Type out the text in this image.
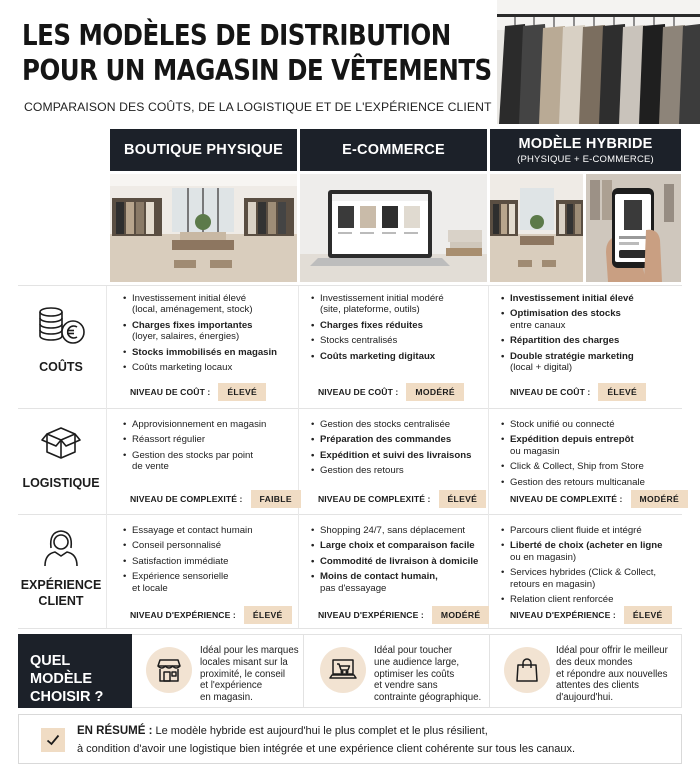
LES MODÈLES DE DISTRIBUTION
POUR UN MAGASIN DE VÊTEMENTS
COMPARAISON DES COÛTS, DE LA LOGISTIQUE ET DE L'EXPÉRIENCE CLIENT
BOUTIQUE PHYSIQUE	E-COMMERCE	MODÈLE HYBRIDE
(PHYSIQUE + E-COMMERCE)
COÛTS
• Investissement initial élevé
(local, aménagement, stock)
• Charges fixes importantes
(loyer, salaires, énergies)
• Stocks immobilisés en magasin
• Coûts marketing locaux
NIVEAU DE COÛT :	ÉLEVÉ
• Investissement initial modéré
(site, plateforme, outils)
• Charges fixes réduites
• Stocks centralisés
• Coûts marketing digitaux
NIVEAU DE COÛT :	MODÉRÉ
• Investissement initial élevé
• Optimisation des stocks
entre canaux
• Répartition des charges
• Double stratégie marketing
(local + digital)
NIVEAU DE COÛT :	ÉLEVÉ
LOGISTIQUE
• Approvisionnement en magasin
• Réassort régulier
• Gestion des stocks par point
de vente
NIVEAU DE COMPLEXITÉ :	FAIBLE
• Gestion des stocks centralisée
• Préparation des commandes
• Expédition et suivi des livraisons
• Gestion des retours
NIVEAU DE COMPLEXITÉ :	ÉLEVÉ
• Stock unifié ou connecté
• Expédition depuis entrepôt
ou magasin
• Click & Collect, Ship from Store
• Gestion des retours multicanale
NIVEAU DE COMPLEXITÉ :	MODÉRÉ
EXPÉRIENCE
CLIENT
• Essayage et contact humain
• Conseil personnalisé
• Satisfaction immédiate
• Expérience sensorielle
et locale
NIVEAU D'EXPÉRIENCE :	ÉLEVÉ
• Shopping 24/7, sans déplacement
• Large choix et comparaison facile
• Commodité de livraison à domicile
• Moins de contact humain,
pas d'essayage
NIVEAU D'EXPÉRIENCE :	MODÉRÉ
• Parcours client fluide et intégré
• Liberté de choix (acheter en ligne
ou en magasin)
• Services hybrides (Click & Collect,
retours en magasin)
• Relation client renforcée
NIVEAU D'EXPÉRIENCE :	ÉLEVÉ
QUEL MODÈLE
CHOISIR ?
Idéal pour les marques
locales misant sur la
proximité, le conseil
et l'expérience
en magasin.
Idéal pour toucher
une audience large,
optimiser les coûts
et vendre sans
contrainte géographique.
Idéal pour offrir le meilleur
des deux mondes
et répondre aux nouvelles
attentes des clients
d'aujourd'hui.
EN RÉSUMÉ : Le modèle hybride est aujourd'hui le plus complet et le plus résilient,
à condition d'avoir une logistique bien intégrée et une expérience client cohérente sur tous les canaux.
